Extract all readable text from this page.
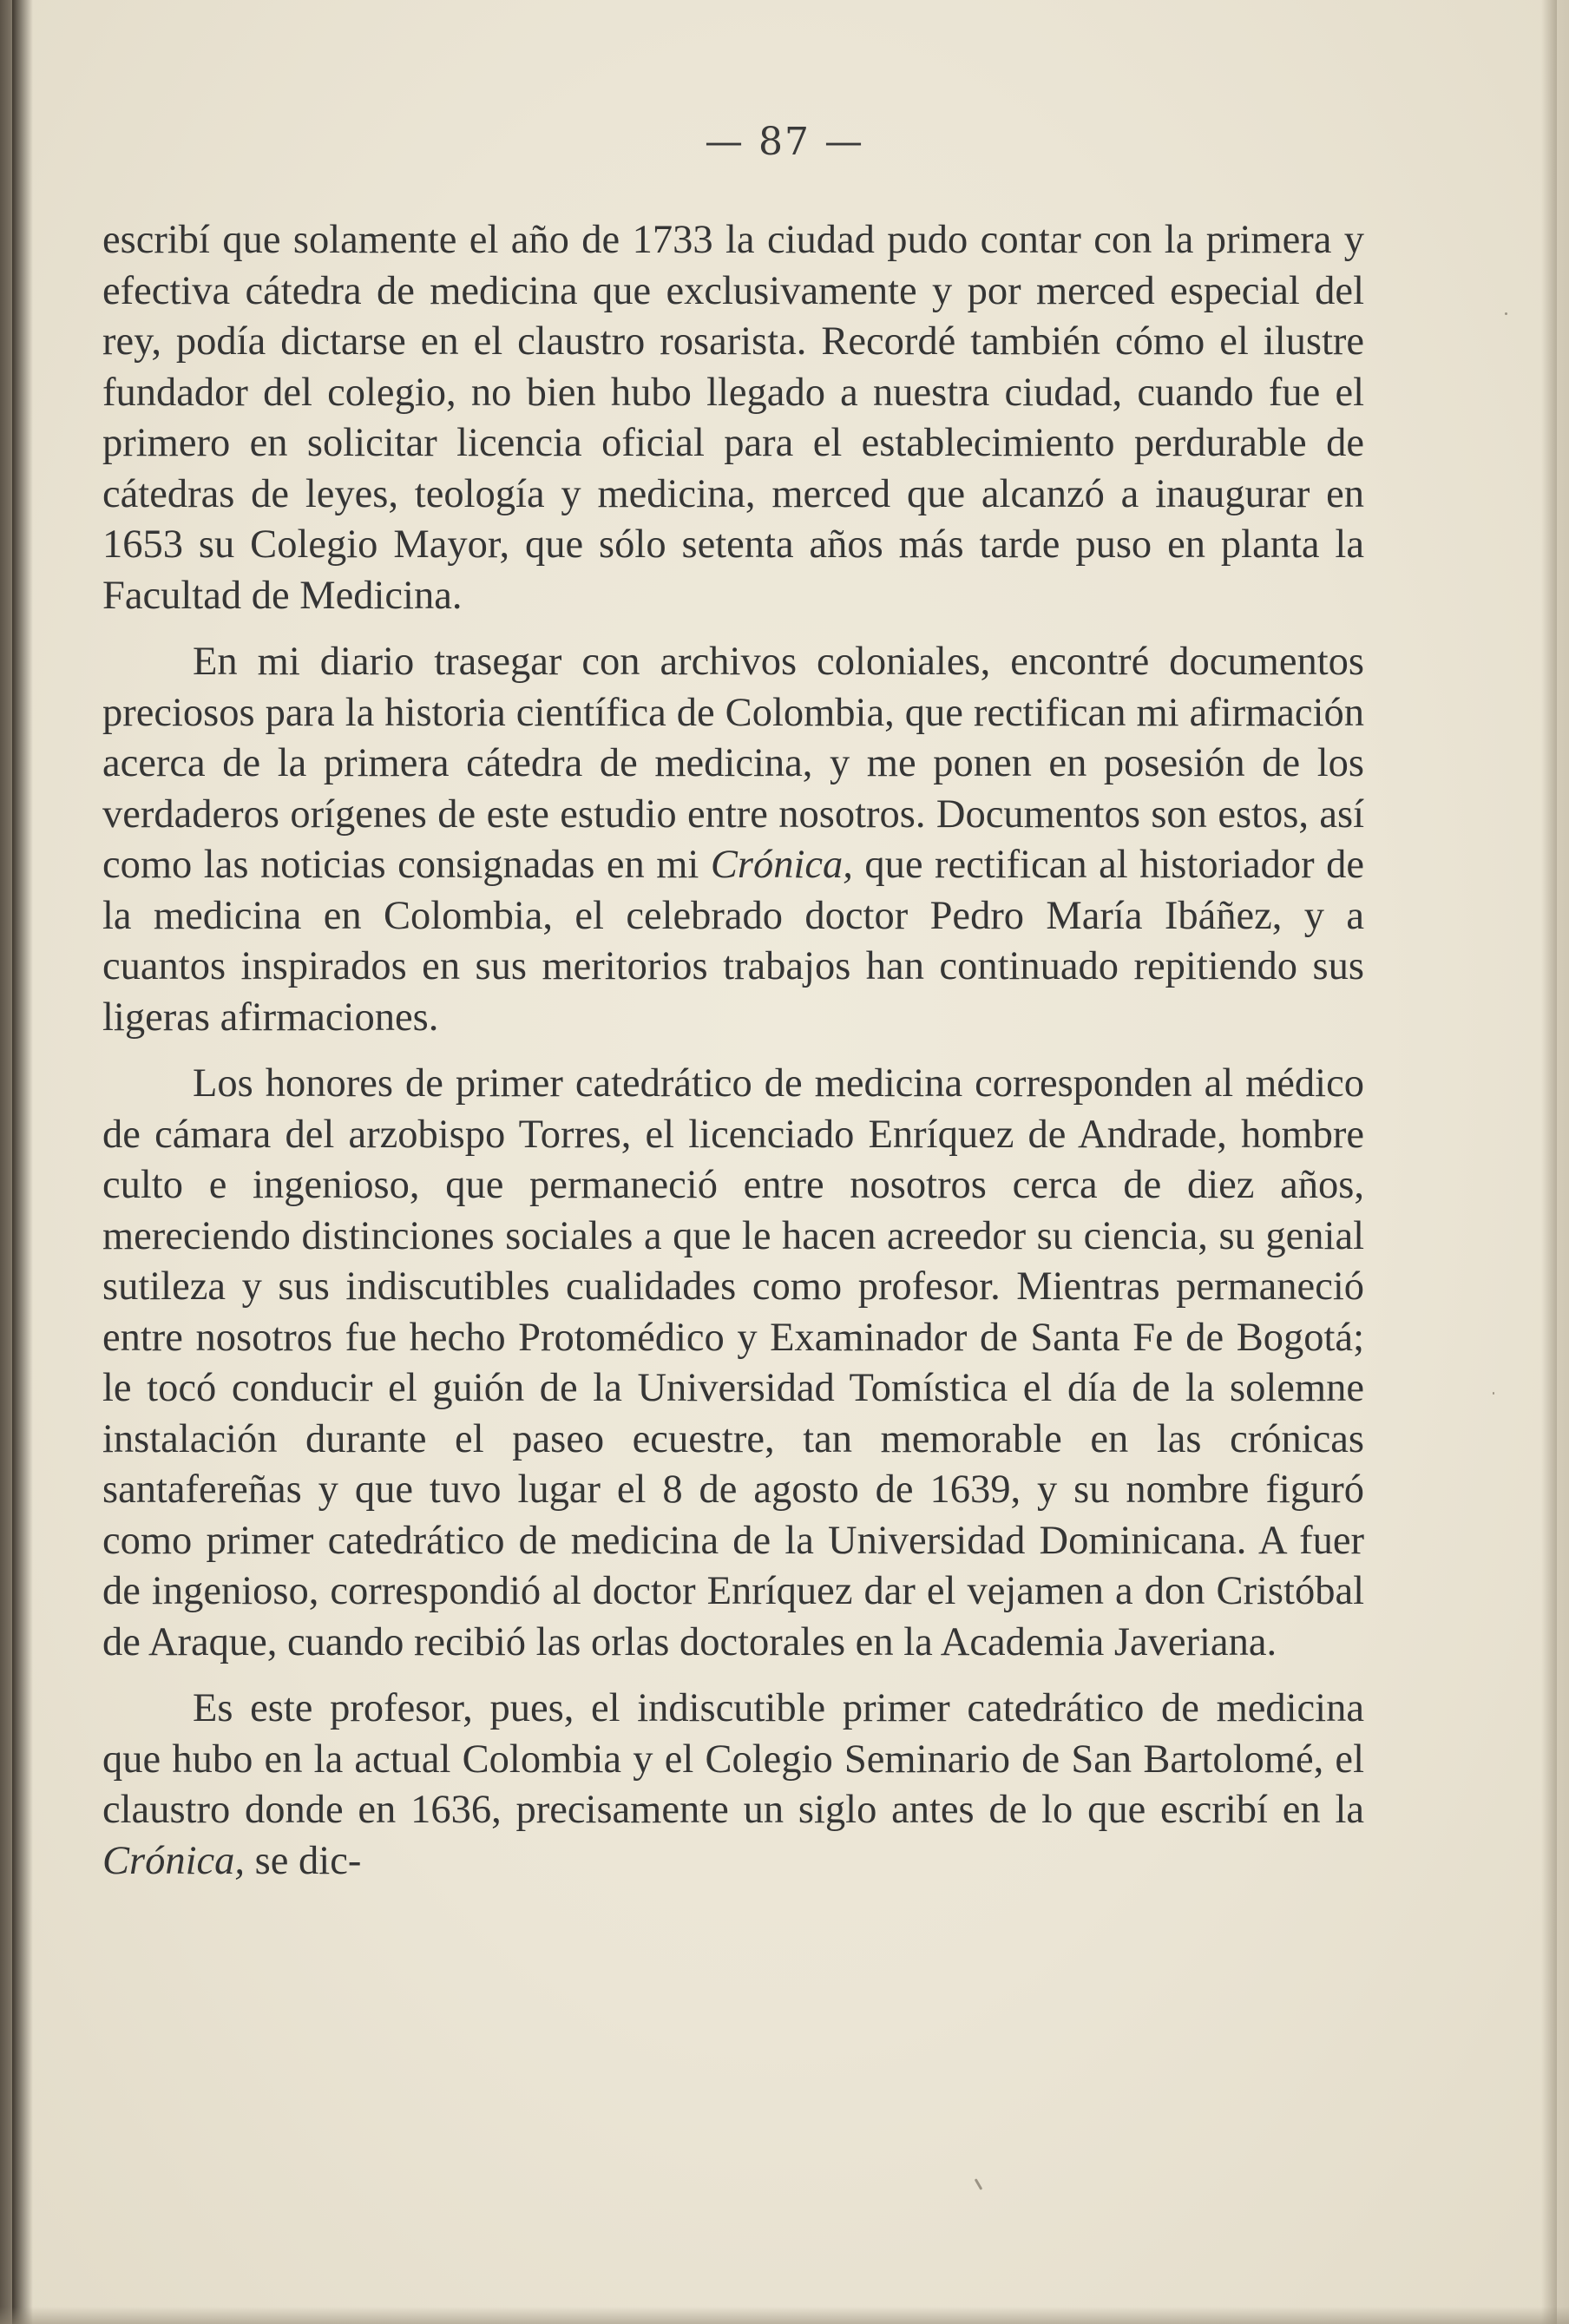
— 87 —

escribí que solamente el año de 1733 la ciudad pudo contar con la primera y efectiva cátedra de medicina que exclusivamente y por merced especial del rey, podía dictarse en el claustro rosarista. Recordé también cómo el ilustre fundador del colegio, no bien hubo llegado a nuestra ciudad, cuando fue el primero en solicitar licencia oficial para el establecimiento perdurable de cátedras de leyes, teología y medicina, merced que alcanzó a inaugurar en 1653 su Colegio Mayor, que sólo setenta años más tarde puso en planta la Facultad de Medicina.

En mi diario trasegar con archivos coloniales, encontré documentos preciosos para la historia científica de Colombia, que rectifican mi afirmación acerca de la primera cátedra de medicina, y me ponen en posesión de los verdaderos orígenes de este estudio entre nosotros. Documentos son estos, así como las noticias consignadas en mi Crónica, que rectifican al historiador de la medicina en Colombia, el celebrado doctor Pedro María Ibáñez, y a cuantos inspirados en sus meritorios trabajos han continuado repitiendo sus ligeras afirmaciones.

Los honores de primer catedrático de medicina corresponden al médico de cámara del arzobispo Torres, el licenciado Enríquez de Andrade, hombre culto e ingenioso, que permaneció entre nosotros cerca de diez años, mereciendo distinciones sociales a que le hacen acreedor su ciencia, su genial sutileza y sus indiscutibles cualidades como profesor. Mientras permaneció entre nosotros fue hecho Protomédico y Examinador de Santa Fe de Bogotá; le tocó conducir el guión de la Universidad Tomística el día de la solemne instalación durante el paseo ecuestre, tan memorable en las crónicas santafereñas y que tuvo lugar el 8 de agosto de 1639, y su nombre figuró como primer catedrático de medicina de la Universidad Dominicana. A fuer de ingenioso, correspondió al doctor Enríquez dar el vejamen a don Cristóbal de Araque, cuando recibió las orlas doctorales en la Academia Javeriana.

Es este profesor, pues, el indiscutible primer catedrático de medicina que hubo en la actual Colombia y el Colegio Seminario de San Bartolomé, el claustro donde en 1636, precisamente un siglo antes de lo que escribí en la Crónica, se dic-
